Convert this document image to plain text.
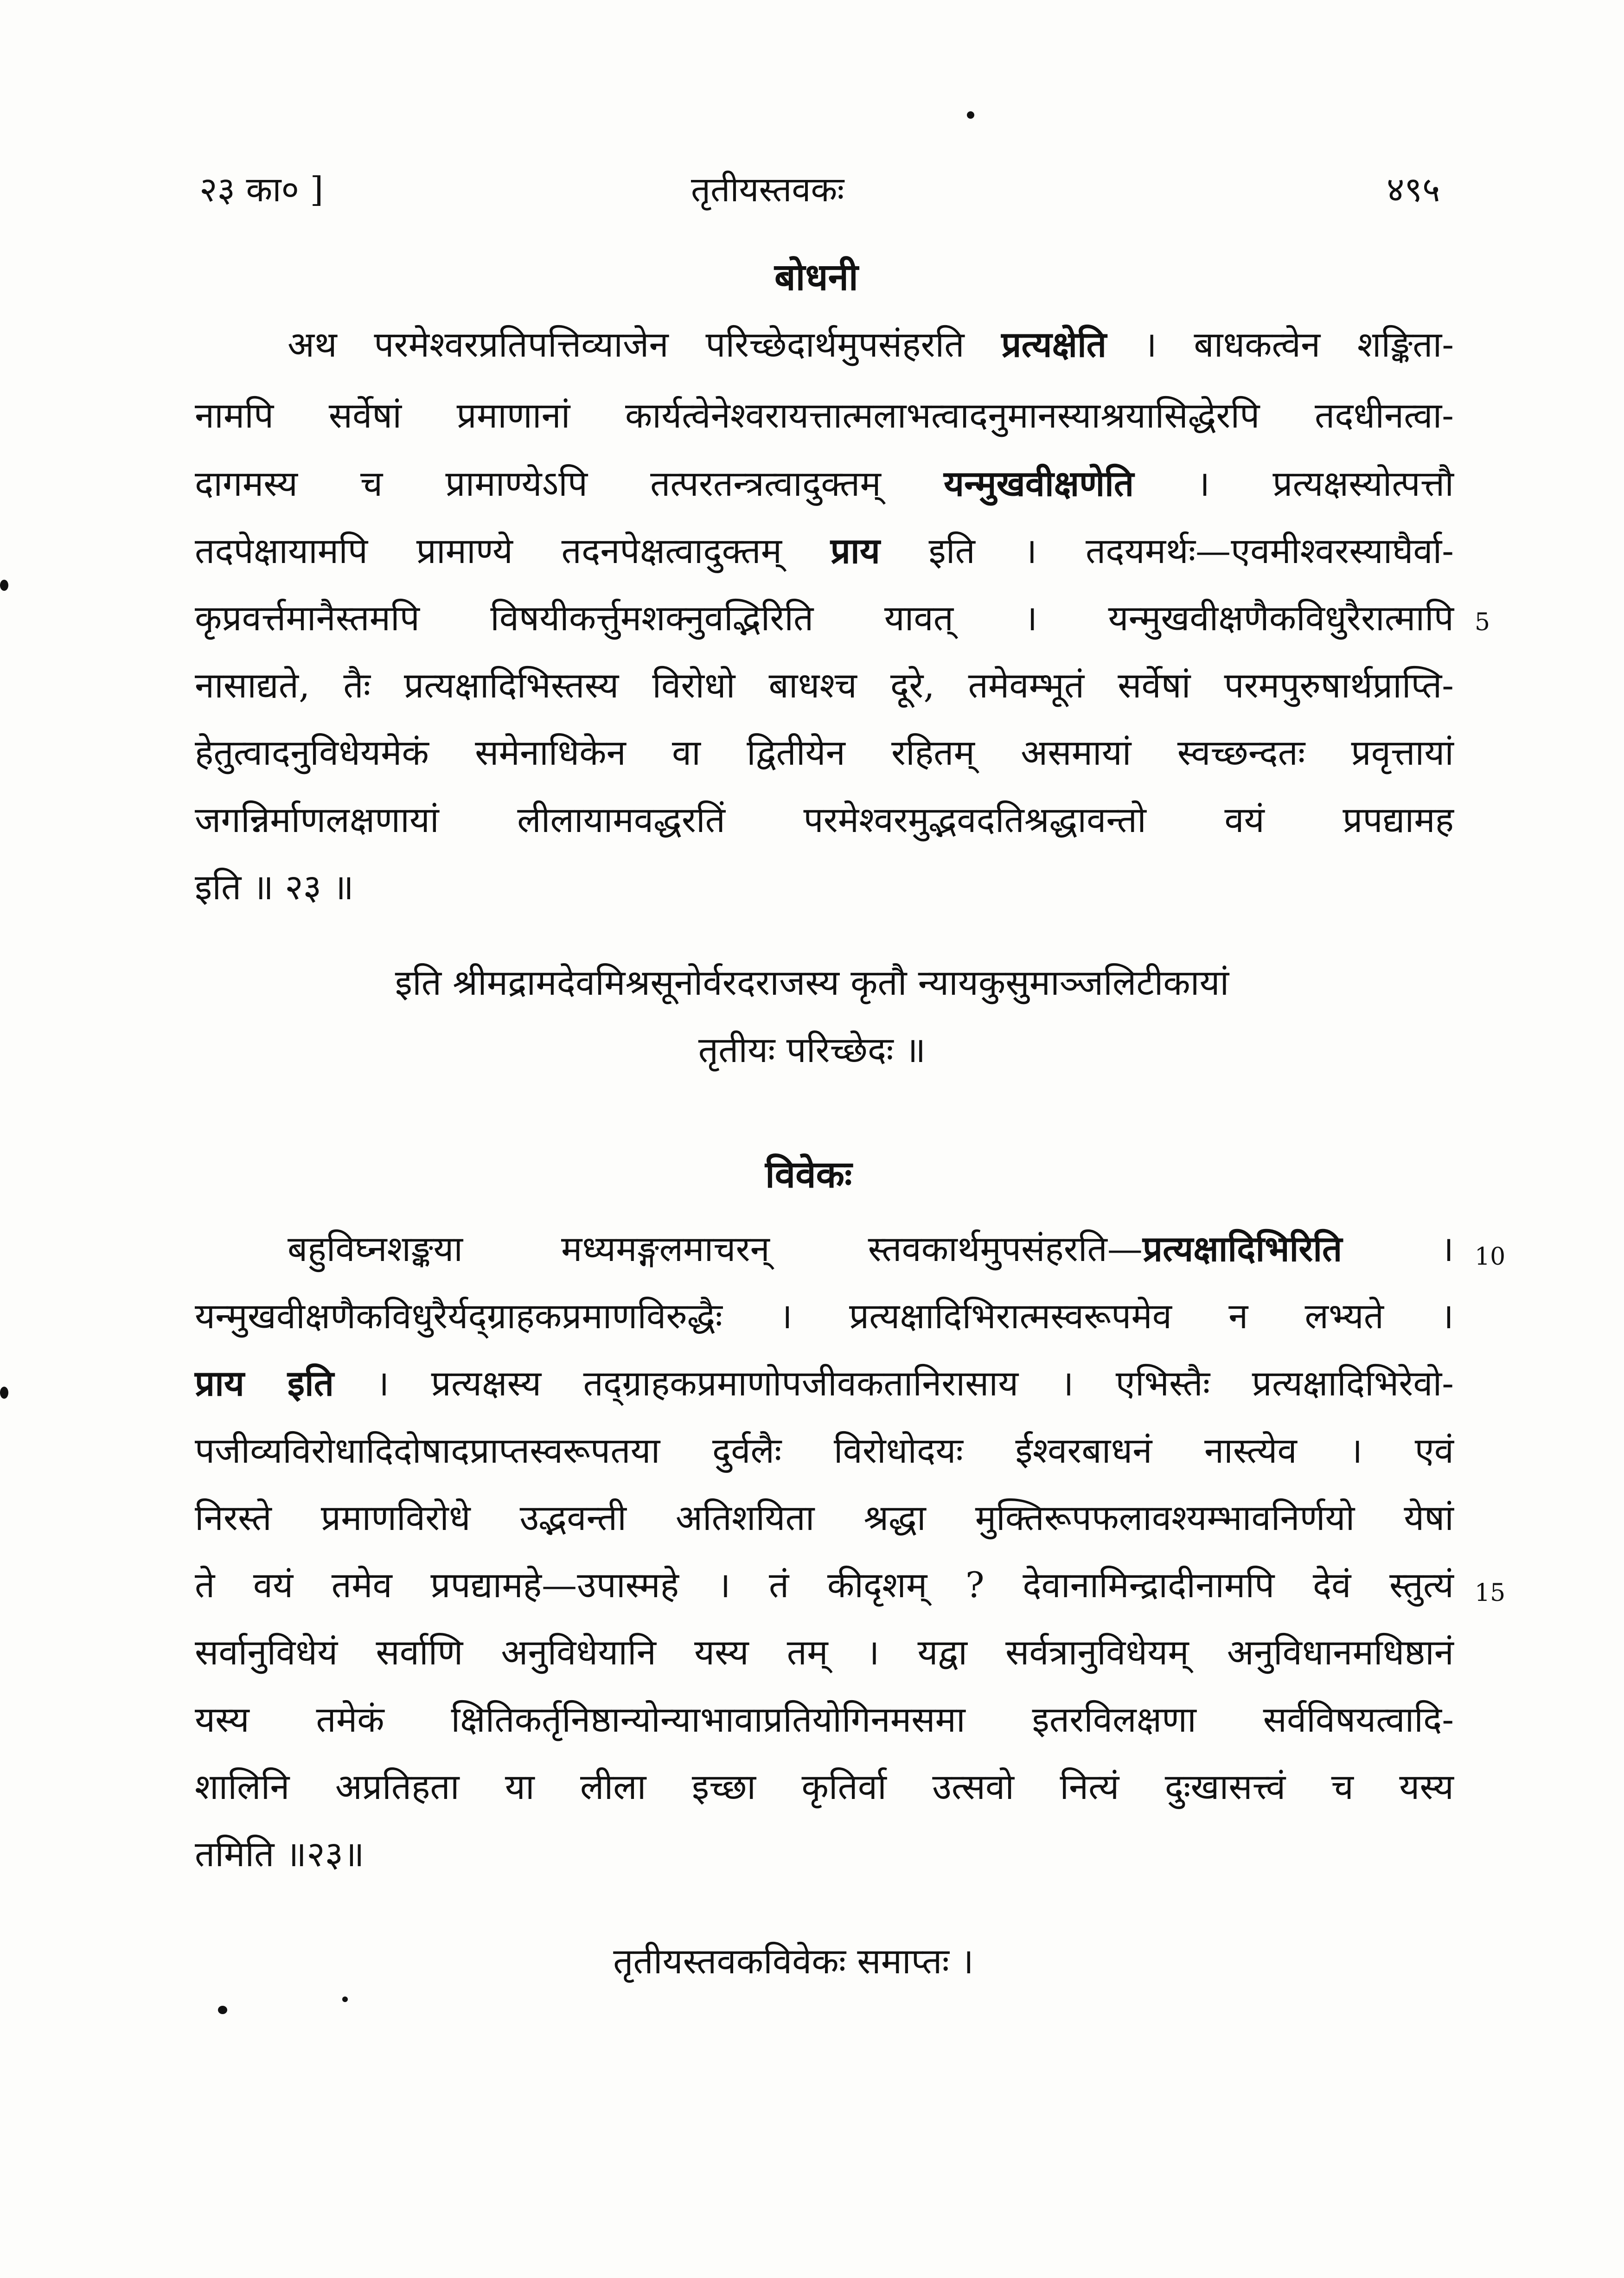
२३ का० ]	तृतीयस्तवकः	४९५
बोधनी
अथ परमेश्वरप्रतिपत्तिव्याजेन परिच्छेदार्थमुपसंहरति प्रत्यक्षेति । बाधकत्वेन शङ्किता-
नामपि सर्वेषां प्रमाणानां कार्यत्वेनेश्वरायत्तात्मलाभत्वादनुमानस्याश्रयासिद्धेरपि तदधीनत्वा-
दागमस्य च प्रामाण्येऽपि तत्परतन्त्रत्वादुक्तम् यन्मुखवीक्षणेति । प्रत्यक्षस्योत्पत्तौ
तदपेक्षायामपि प्रामाण्ये तदनपेक्षत्वादुक्तम् प्राय इति । तदयमर्थः—एवमीश्वरस्याघैर्वा-
कृप्रवर्त्तमानैस्तमपि विषयीकर्त्तुमशक्नुवद्भिरिति यावत् । यन्मुखवीक्षणैकविधुरैरात्मापि 5
नासाद्यते, तैः प्रत्यक्षादिभिस्तस्य विरोधो बाधश्च दूरे, तमेवम्भूतं सर्वेषां परमपुरुषार्थप्राप्ति-
हेतुत्वादनुविधेयमेकं समेनाधिकेन वा द्वितीयेन रहितम् असमायां स्वच्छन्दतः प्रवृत्तायां
जगन्निर्माणलक्षणायां लीलायामवद्धरतिं परमेश्वरमुद्भवदतिश्रद्धावन्तो वयं प्रपद्यामह
इति ॥ २३ ॥
इति श्रीमद्रामदेवमिश्रसूनोर्वरदराजस्य कृतौ न्यायकुसुमाञ्जलिटीकायां
तृतीयः परिच्छेदः ॥
विवेकः
बहुविघ्नशङ्कया मध्यमङ्गलमाचरन् स्तवकार्थमुपसंहरति—प्रत्यक्षादिभिरिति । 10
यन्मुखवीक्षणैकविधुरैर्यद्ग्राहकप्रमाणविरुद्धैः । प्रत्यक्षादिभिरात्मस्वरूपमेव न लभ्यते ।
प्राय इति । प्रत्यक्षस्य तद्ग्राहकप्रमाणोपजीवकतानिरासाय । एभिस्तैः प्रत्यक्षादिभिरेवो-
पजीव्यविरोधादिदोषादप्राप्तस्वरूपतया दुर्वलैः विरोधोदयः ईश्वरबाधनं नास्त्येव । एवं
निरस्ते प्रमाणविरोधे उद्भवन्ती अतिशयिता श्रद्धा मुक्तिरूपफलावश्यम्भावनिर्णयो येषां
ते वयं तमेव प्रपद्यामहे—उपास्महे । तं कीदृशम् ? देवानामिन्द्रादीनामपि देवं स्तुत्यं 15
सर्वानुविधेयं सर्वाणि अनुविधेयानि यस्य तम् । यद्वा सर्वत्रानुविधेयम् अनुविधानमधिष्ठानं
यस्य तमेकं क्षितिकर्तृनिष्ठान्योन्याभावाप्रतियोगिनमसमा इतरविलक्षणा सर्वविषयत्वादि-
शालिनि अप्रतिहता या लीला इच्छा कृतिर्वा उत्सवो नित्यं दुःखासत्त्वं च यस्य
तमिति ॥२३॥
तृतीयस्तवकविवेकः समाप्तः ।
